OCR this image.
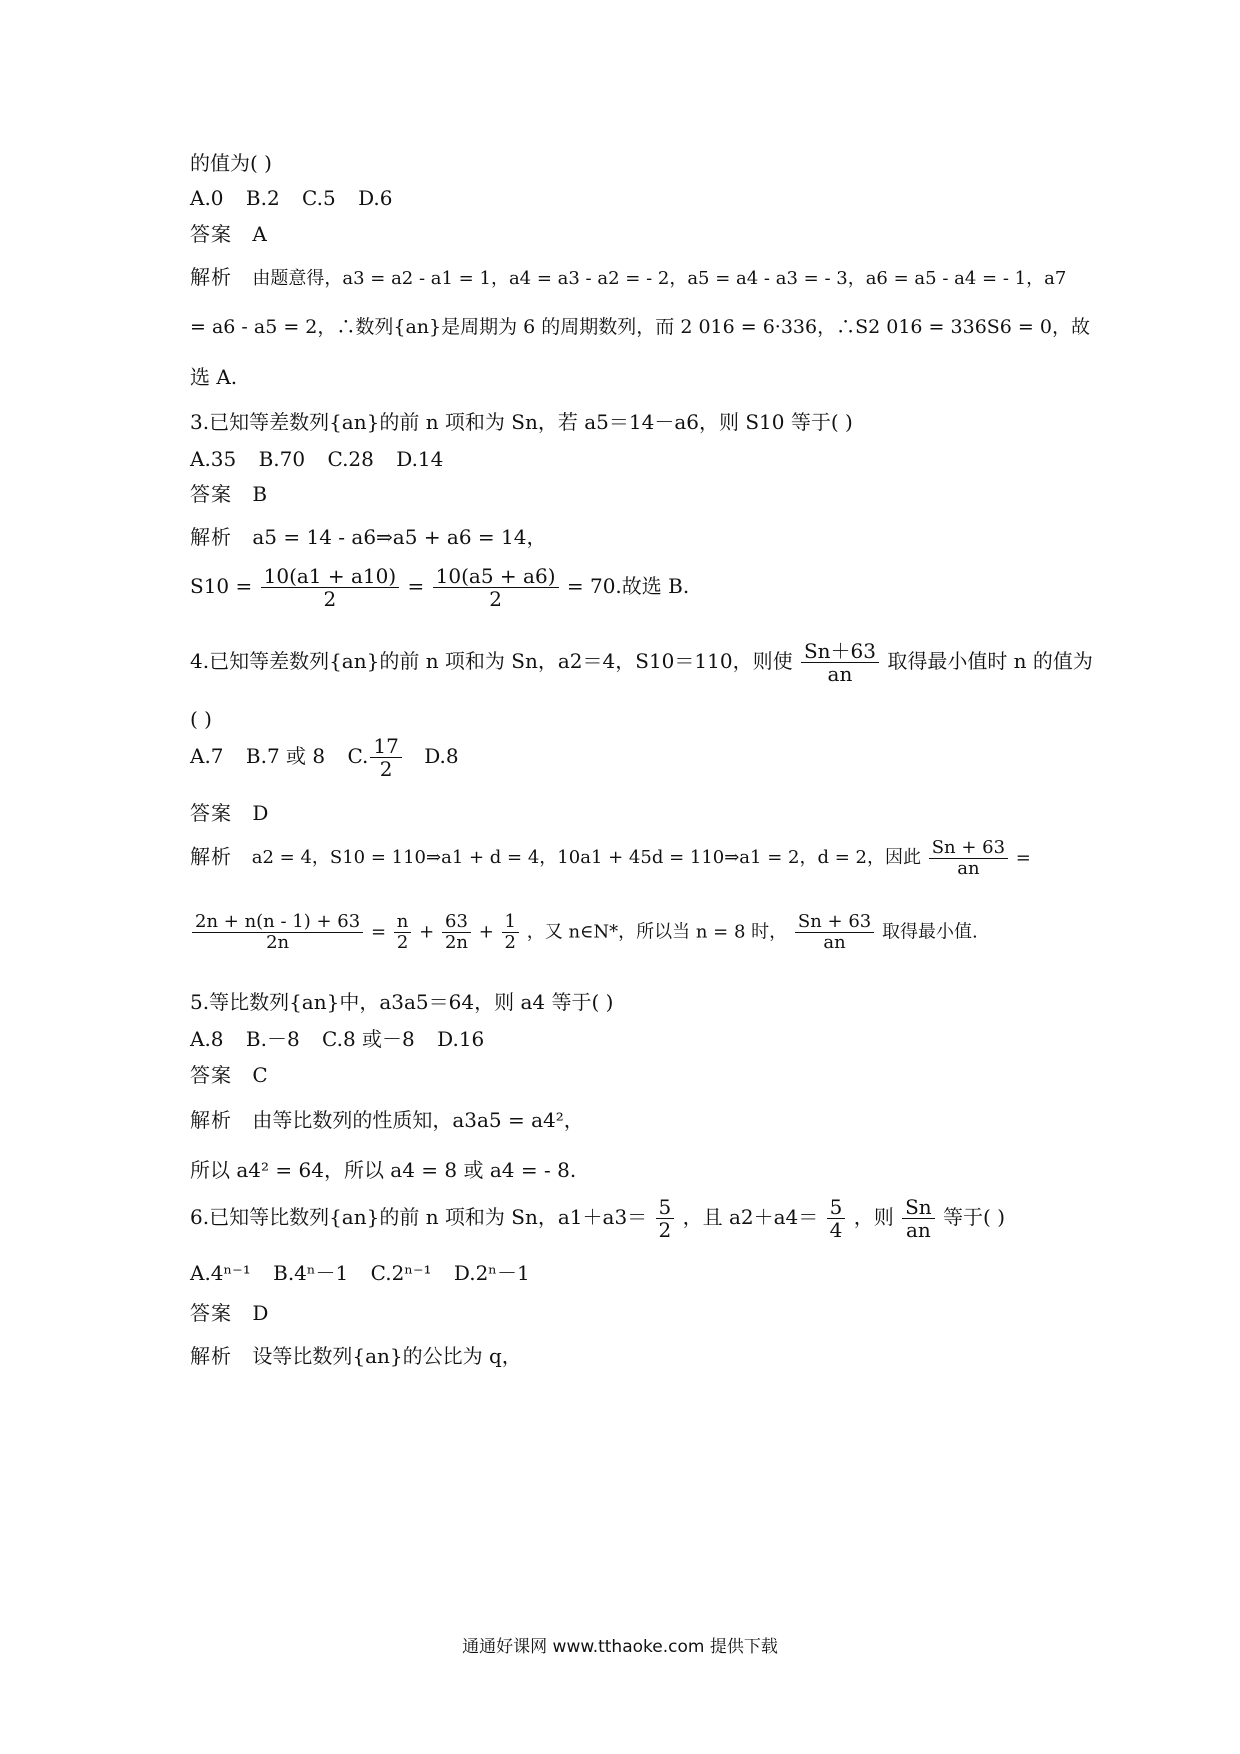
的值为( )
A.0 B.2 C.5 D.6
答案 A
解析 由题意得，a3 = a2 - a1 = 1，a4 = a3 - a2 = - 2，a5 = a4 - a3 = - 3，a6 = a5 - a4 = - 1，a7
= a6 - a5 = 2，∴数列{an}是周期为 6 的周期数列，而 2 016 = 6·336，∴S2 016 = 336S6 = 0，故
选 A.
3.已知等差数列{an}的前 n 项和为 Sn，若 a5＝14－a6，则 S10 等于( )
A.35 B.70 C.28 D.14
答案 B
解析 a5 = 14 - a6⇒a5 + a6 = 14，
$S10 = \frac{10(a1 + a10)}{2} = \frac{10(a5 + a6)}{2} = 70$.故选 B.
4.已知等差数列{an}的前 n 项和为 Sn，a2＝4，S10＝110，则使 $\frac{Sn+63}{an}$ 取得最小值时 n 的值为
( )
A.7 B.7 或 8 C. $\frac{17}{2} D.8$
答案 D
解析 a2 = 4，S10 = 110⇒a1 + d = 4，10a1 + 45d = 110⇒a1 = 2，d = 2，因此 $\frac{Sn + 63}{an}$ =
$\frac{2n + n(n - 1) + 63}{2n} = \frac{n}{2} + \frac{63}{2n} + \frac{1}{2}$ ，又 n∈N*，所以当 n = 8 时， $\frac{Sn + 63}{an}$ 取得最小值.
5.等比数列{an}中，a3a5＝64，则 a4 等于( )
A.8 B.－8 C.8 或－8 D.16
答案 C
解析 由等比数列的性质知，a3a5 = a4²，
所以 a4² = 64，所以 a4 = 8 或 a4 = - 8.
6.已知等比数列{an}的前 n 项和为 Sn，$a1+a3= \frac{5}{2}$ ，且 $a2+a4= \frac{5}{4}$ ，则 $\frac{Sn}{an}$ 等于( )
A.4ⁿ⁻¹ B.4ⁿ－1 C.2ⁿ⁻¹ D.2ⁿ－1
答案 D
解析 设等比数列{an}的公比为 q，
通通好课网 www.tthaoke.com 提供下载
